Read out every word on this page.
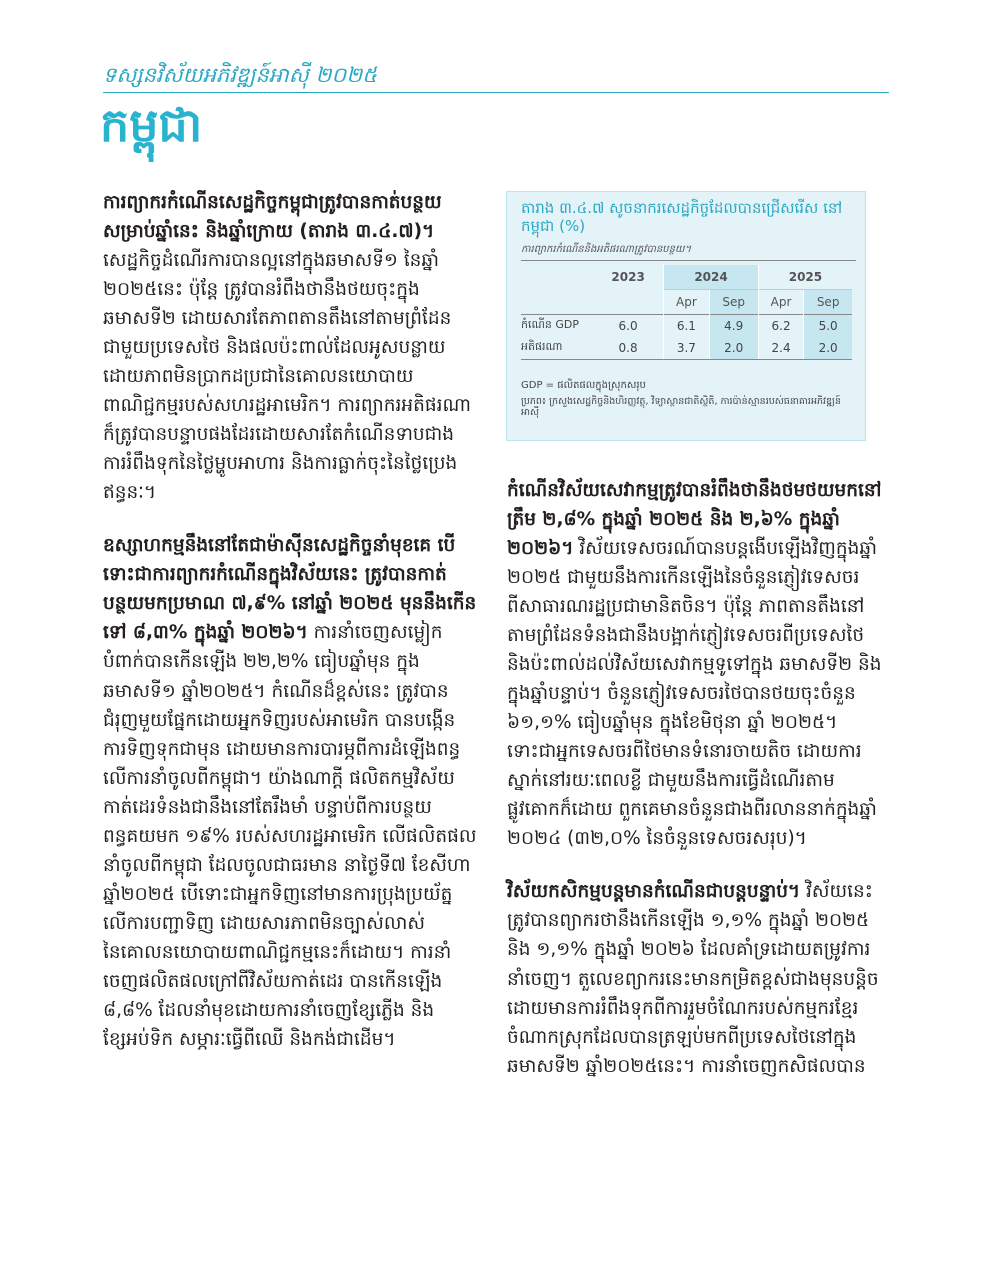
ទស្សនវិស័យអភិវឌ្ឍន៍អាស៊ី ២០២៥
កម្ពុជា

ការព្យាករកំណើនសេដ្ឋកិច្ចកម្ពុជាត្រូវបានកាត់បន្ថយសម្រាប់ឆ្នាំនេះ និងឆ្នាំក្រោយ (តារាង ៣.៤.៧)។ សេដ្ឋកិច្ចដំណើរការបានល្អនៅក្នុងឆមាសទី១ នៃឆ្នាំ ២០២៥នេះ ប៉ុន្តែ ត្រូវបានរំពឹងថានឹងថយចុះក្នុងឆមាសទី២ ដោយសារតែភាពតានតឹងនៅតាមព្រំដែនជាមួយប្រទេសថៃ និងផលប៉ះពាល់ដែលអូសបន្លាយដោយភាពមិនប្រាកដប្រជានៃគោលនយោបាយពាណិជ្ជកម្មរបស់សហរដ្ឋអាមេរិក។ ការព្យាករអតិផរណាក៏ត្រូវបានបន្ទាបផងដែរដោយសារតែកំណើនទាបជាងការរំពឹងទុកនៃថ្លៃម្ហូបអាហារ និងការធ្លាក់ចុះនៃថ្លៃប្រេងឥន្ធនៈ។

ឧស្សាហកម្មនឹងនៅតែជាម៉ាស៊ីនសេដ្ឋកិច្ចនាំមុខគេ បើទោះជាការព្យាករកំណើនក្នុងវិស័យនេះ ត្រូវបានកាត់បន្ថយមកប្រមាណ ៧,៩% នៅឆ្នាំ ២០២៥ មុននឹងកើនទៅ ៨,៣% ក្នុងឆ្នាំ ២០២៦។ ការនាំចេញសម្លៀកបំពាក់បានកើនឡើង ២២,២% ធៀបឆ្នាំមុន ក្នុង ឆមាសទី១ ឆ្នាំ២០២៥។ កំណើនដ៏ខ្ពស់នេះ ត្រូវបានជំរុញមួយផ្នែកដោយអ្នកទិញរបស់អាមេរិក បានបង្កើនការទិញទុកជាមុន ដោយមានការបារម្ភពីការដំឡើងពន្ធលើការនាំចូលពីកម្ពុជា។ យ៉ាងណាក្តី ផលិតកម្មវិស័យកាត់ដេរទំនងជានឹងនៅតែរឹងមាំ បន្ទាប់ពីការបន្ថយពន្ធគយមក ១៩% របស់សហរដ្ឋអាមេរិក លើផលិតផលនាំចូលពីកម្ពុជា ដែលចូលជាធរមាន នាថ្ងៃទី៧ ខែសីហា ឆ្នាំ២០២៥ បើទោះជាអ្នកទិញនៅមានការប្រុងប្រយ័ត្នលើការបញ្ជាទិញ ដោយសារភាពមិនច្បាស់លាស់នៃគោលនយោបាយពាណិជ្ជកម្មនេះក៏ដោយ។ ការនាំចេញផលិតផលក្រៅពីវិស័យកាត់ដេរ បានកើនឡើង ៨,៨% ដែលនាំមុខដោយការនាំចេញខ្សែភ្លើង និងខ្សែអប់ទិក សម្ភារៈធ្វើពីឈើ និងកង់ជាដើម។

តារាង ៣.៤.៧ សូចនាករសេដ្ឋកិច្ចដែលបានជ្រើសរើស នៅកម្ពុជា (%)
ការព្យាករកំណើននិងអតិផរណាត្រូវបានបន្ថយ។
	2023	2024		2025	
		Apr	Sep	Apr	Sep
កំណើន GDP	6.0	6.1	4.9	6.2	5.0
អតិផរណា	0.8	3.7	2.0	2.4	2.0
GDP = ផលិតផលក្នុងស្រុកសរុប
ប្រភព៖ ក្រសួងសេដ្ឋកិច្ចនិងហិរញ្ញវត្ថុ, វិទ្យាស្ថានជាតិស្ថិតិ, ការប៉ាន់ស្មានរបស់ធនាគារអភិវឌ្ឍន៍អាស៊ី

កំណើនវិស័យសេវាកម្មត្រូវបានរំពឹងថានឹងថមថយមកនៅត្រឹម ២,៨% ក្នុងឆ្នាំ ២០២៥ និង ២,៦% ក្នុងឆ្នាំ ២០២៦។ វិស័យទេសចរណ៍បានបន្តងើបឡើងវិញក្នុងឆ្នាំ ២០២៥ ជាមួយនឹងការកើនឡើងនៃចំនួនភ្ញៀវទេសចរពីសាធារណរដ្ឋប្រជាមានិតចិន។ ប៉ុន្តែ ភាពតានតឹងនៅតាមព្រំដែនទំនងជានឹងបង្អាក់ភ្ញៀវទេសចរពីប្រទេសថៃ និងប៉ះពាល់ដល់វិស័យសេវាកម្មទូទៅក្នុង ឆមាសទី២ និង ក្នុងឆ្នាំបន្ទាប់។ ចំនួនភ្ញៀវទេសចរថៃបានថយចុះចំនួន ៦១,១% ធៀបឆ្នាំមុន ក្នុងខែមិថុនា ឆ្នាំ ២០២៥។ ទោះជាអ្នកទេសចរពីថៃមានទំនោរចាយតិច ដោយការស្នាក់នៅរយៈពេលខ្លី ជាមួយនឹងការធ្វើដំណើរតាមផ្លូវគោកក៏ដោយ ពួកគេមានចំនួនជាងពីរលាននាក់ក្នុងឆ្នាំ ២០២៤ (៣២,០% នៃចំនួនទេសចរសរុប)។

វិស័យកសិកម្មបន្តមានកំណើនជាបន្តបន្ទាប់។ វិស័យនេះត្រូវបានព្យាករថានឹងកើនឡើង ១,១% ក្នុងឆ្នាំ ២០២៥ និង ១,១% ក្នុងឆ្នាំ ២០២៦ ដែលគាំទ្រដោយតម្រូវការនាំចេញ។ តួលេខព្យាករនេះមានកម្រិតខ្ពស់ជាងមុនបន្តិច ដោយមានការរំពឹងទុកពីការរួមចំណែករបស់កម្មករខ្មែរចំណាកស្រុកដែលបានត្រឡប់មកពីប្រទេសថៃនៅក្នុង ឆមាសទី២ ឆ្នាំ២០២៥នេះ។ ការនាំចេញកសិផលបាន
